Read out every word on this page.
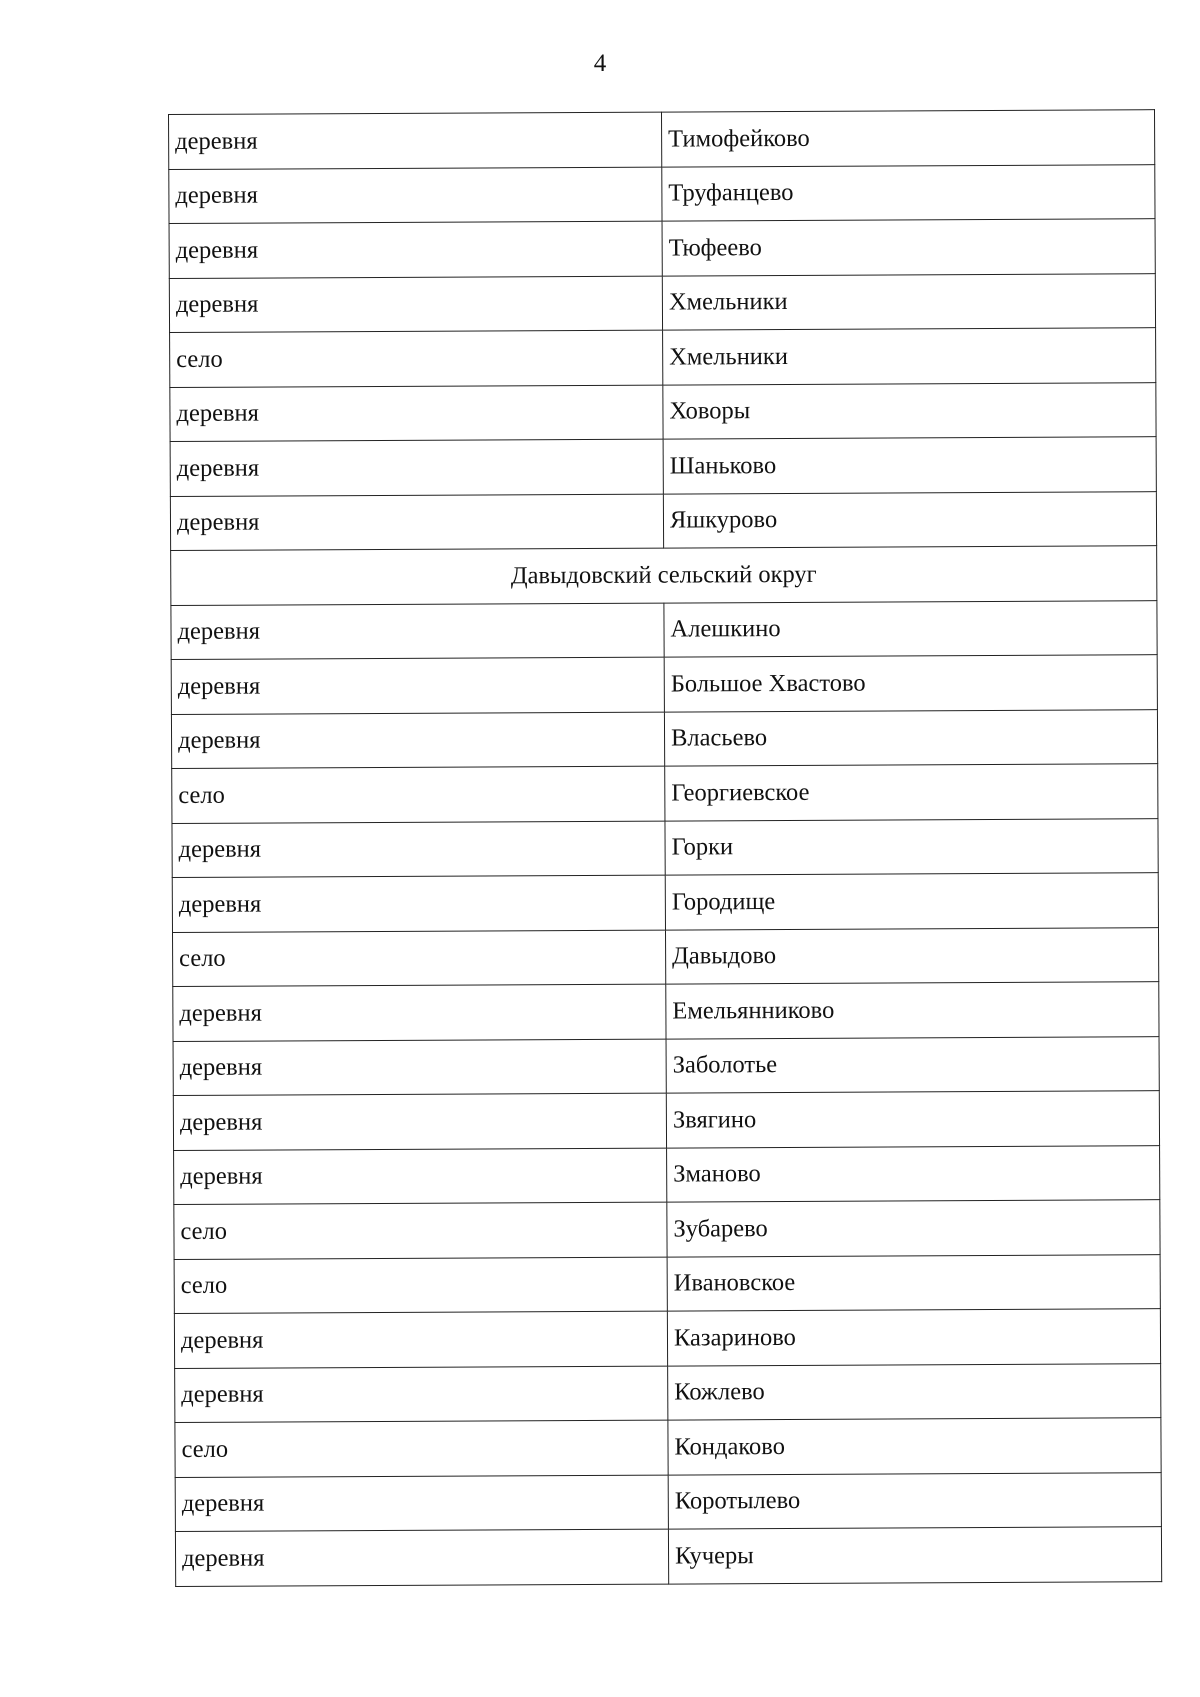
4
деревня	Тимофейково
деревня	Труфанцево
деревня	Тюфеево
деревня	Хмельники
село	Хмельники
деревня	Ховоры
деревня	Шаньково
деревня	Яшкурово
Давыдовский сельский округ	
деревня	Алешкино
деревня	Большое Хвастово
деревня	Власьево
село	Георгиевское
деревня	Горки
деревня	Городище
село	Давыдово
деревня	Емельянниково
деревня	Заболотье
деревня	Звягино
деревня	Зманово
село	Зубарево
село	Ивановское
деревня	Казариново
деревня	Кожлево
село	Кондаково
деревня	Коротылево
деревня	Кучеры
